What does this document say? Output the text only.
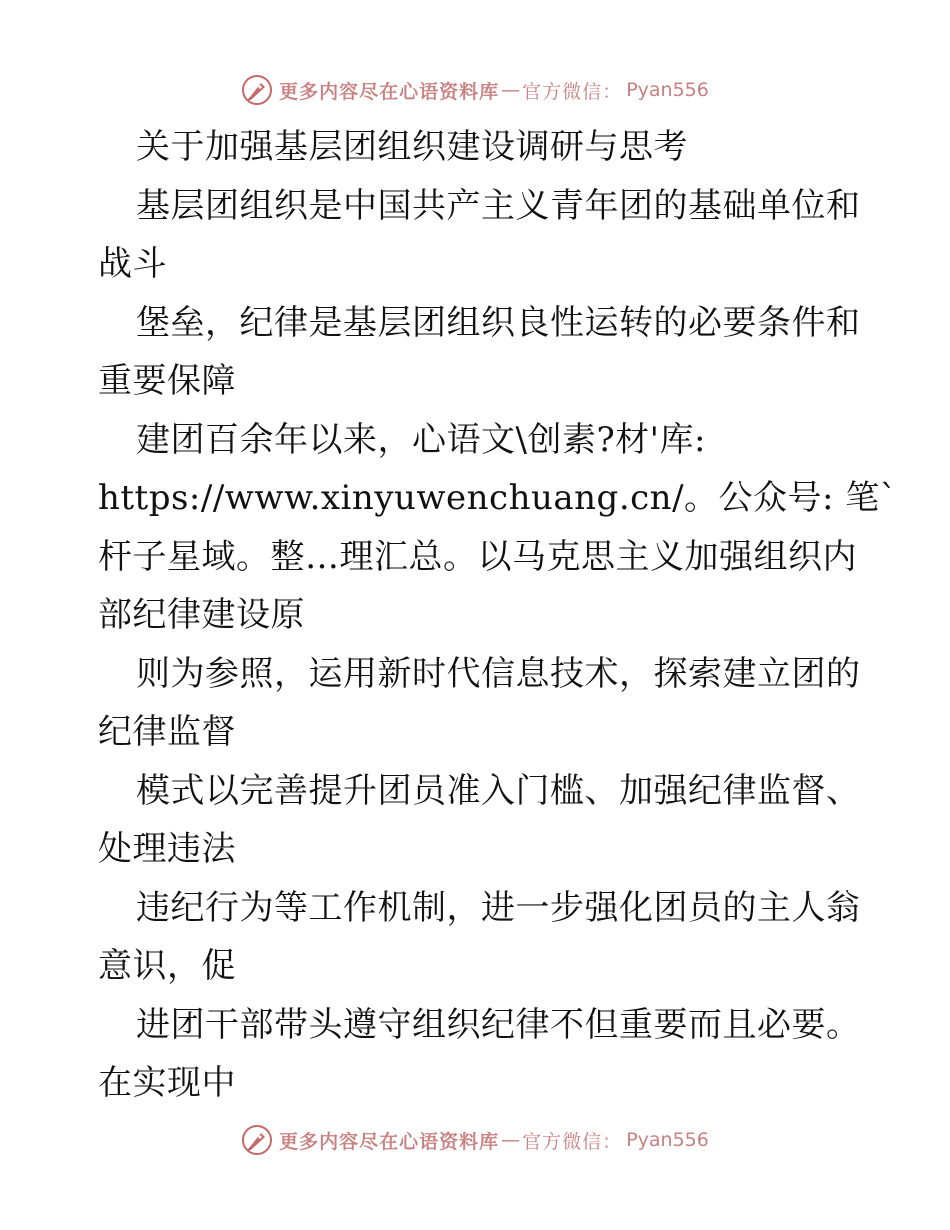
更多内容尽在心语资料库 — 官方微信： Pyan556
关于加强基层团组织建设调研与思考
基层团组织是中国共产主义青年团的基础单位和
战斗
堡垒，纪律是基层团组织良性运转的必要条件和
重要保障
建团百余年以来，心语文\创素?材'库:
https://www.xinyuwenchuang.cn/。公众号: 笔`
杆子星域。整…理汇总。以马克思主义加强组织内
部纪律建设原
则为参照，运用新时代信息技术，探索建立团的
纪律监督
模式以完善提升团员准入门槛、加强纪律监督、
处理违法
违纪行为等工作机制，进一步强化团员的主人翁
意识，促
进团干部带头遵守组织纪律不但重要而且必要。
在实现中
更多内容尽在心语资料库 — 官方微信： Pyan556
